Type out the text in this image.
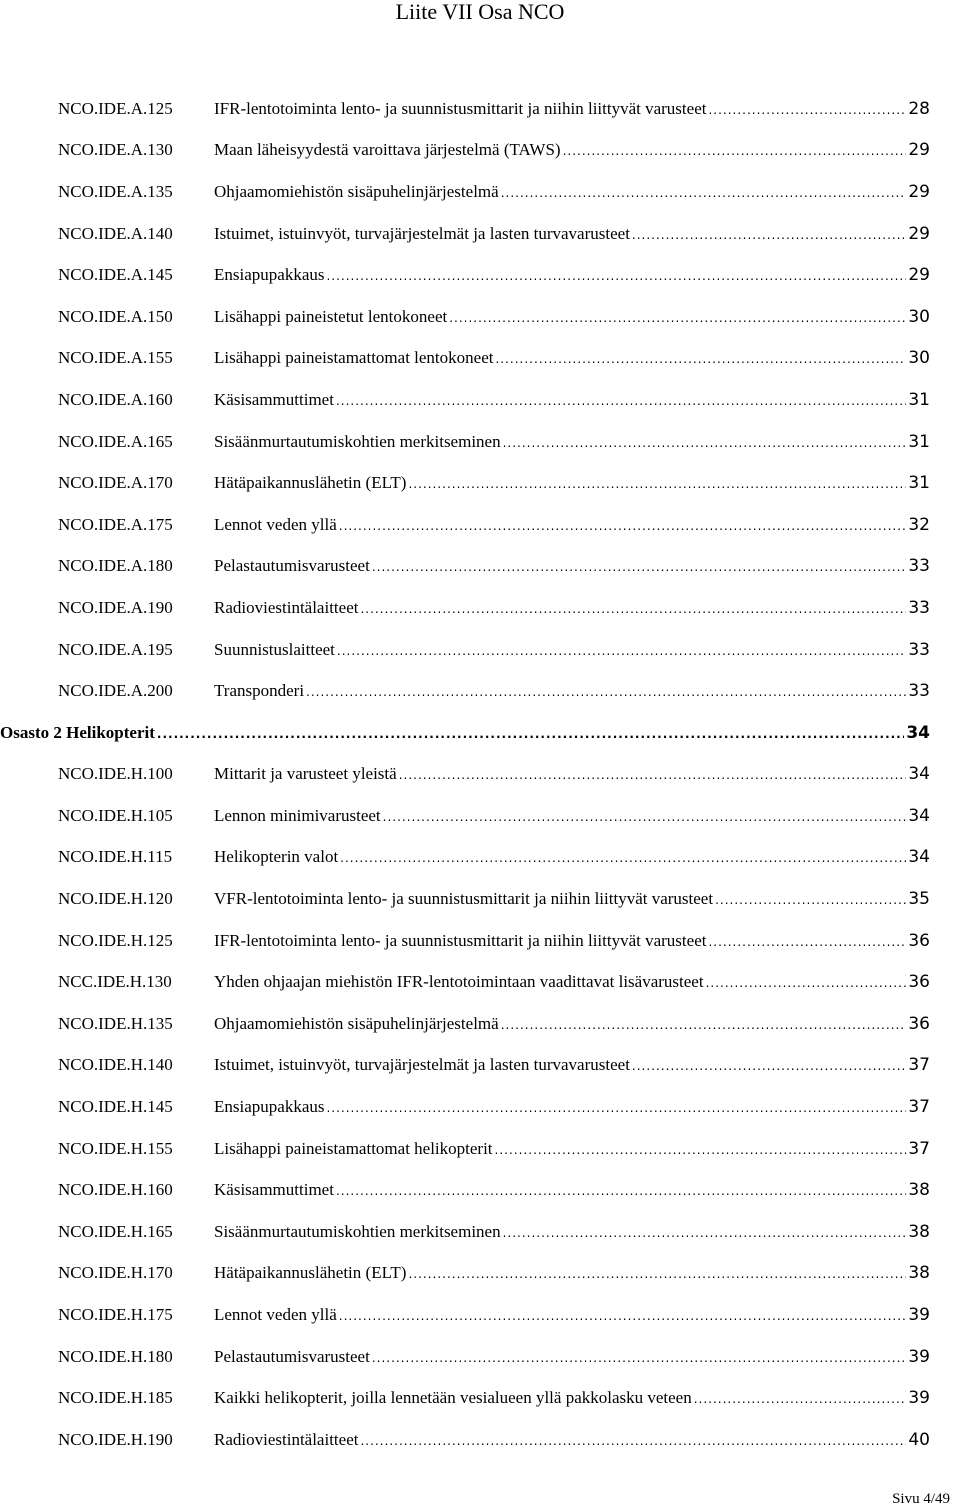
Liite VII Osa NCO
NCO.IDE.A.125 IFR-lentotoiminta lento- ja suunnistusmittarit ja niihin liittyvät varusteet .....	28
NCO.IDE.A.130 Maan läheisyydestä varoittava järjestelmä (TAWS) .....	29
NCO.IDE.A.135 Ohjaamomiehistön sisäpuhelinjärjestelmä .....	29
NCO.IDE.A.140 Istuimet, istuinvyöt, turvajärjestelmät ja lasten turvavarusteet .....	29
NCO.IDE.A.145 Ensiapupakkaus .....	29
NCO.IDE.A.150 Lisähappi paineistetut lentokoneet .....	30
NCO.IDE.A.155 Lisähappi paineistamattomat lentokoneet .....	30
NCO.IDE.A.160 Käsisammuttimet .....	31
NCO.IDE.A.165 Sisäänmurtautumiskohtien merkitseminen .....	31
NCO.IDE.A.170 Hätäpaikannuslähetin (ELT) .....	31
NCO.IDE.A.175 Lennot veden yllä .....	32
NCO.IDE.A.180 Pelastautumisvarusteet .....	33
NCO.IDE.A.190 Radioviestintälaitteet .....	33
NCO.IDE.A.195 Suunnistuslaitteet .....	33
NCO.IDE.A.200 Transponderi .....	33
Osasto 2 Helikopterit .....	34
NCO.IDE.H.100 Mittarit ja varusteet yleistä .....	34
NCO.IDE.H.105 Lennon minimivarusteet .....	34
NCO.IDE.H.115 Helikopterin valot .....	34
NCO.IDE.H.120 VFR-lentotoiminta lento- ja suunnistusmittarit ja niihin liittyvät varusteet .....	35
NCO.IDE.H.125 IFR-lentotoiminta lento- ja suunnistusmittarit ja niihin liittyvät varusteet .....	36
NCC.IDE.H.130 Yhden ohjaajan miehistön IFR-lentotoimintaan vaadittavat lisävarusteet .....	36
NCO.IDE.H.135 Ohjaamomiehistön sisäpuhelinjärjestelmä .....	36
NCO.IDE.H.140 Istuimet, istuinvyöt, turvajärjestelmät ja lasten turvavarusteet .....	37
NCO.IDE.H.145 Ensiapupakkaus .....	37
NCO.IDE.H.155 Lisähappi paineistamattomat helikopterit .....	37
NCO.IDE.H.160 Käsisammuttimet .....	38
NCO.IDE.H.165 Sisäänmurtautumiskohtien merkitseminen .....	38
NCO.IDE.H.170 Hätäpaikannuslähetin (ELT) .....	38
NCO.IDE.H.175 Lennot veden yllä .....	39
NCO.IDE.H.180 Pelastautumisvarusteet .....	39
NCO.IDE.H.185 Kaikki helikopterit, joilla lennetään vesialueen yllä pakkolasku veteen .....	39
NCO.IDE.H.190 Radioviestintälaitteet .....	40
Sivu 4/49
